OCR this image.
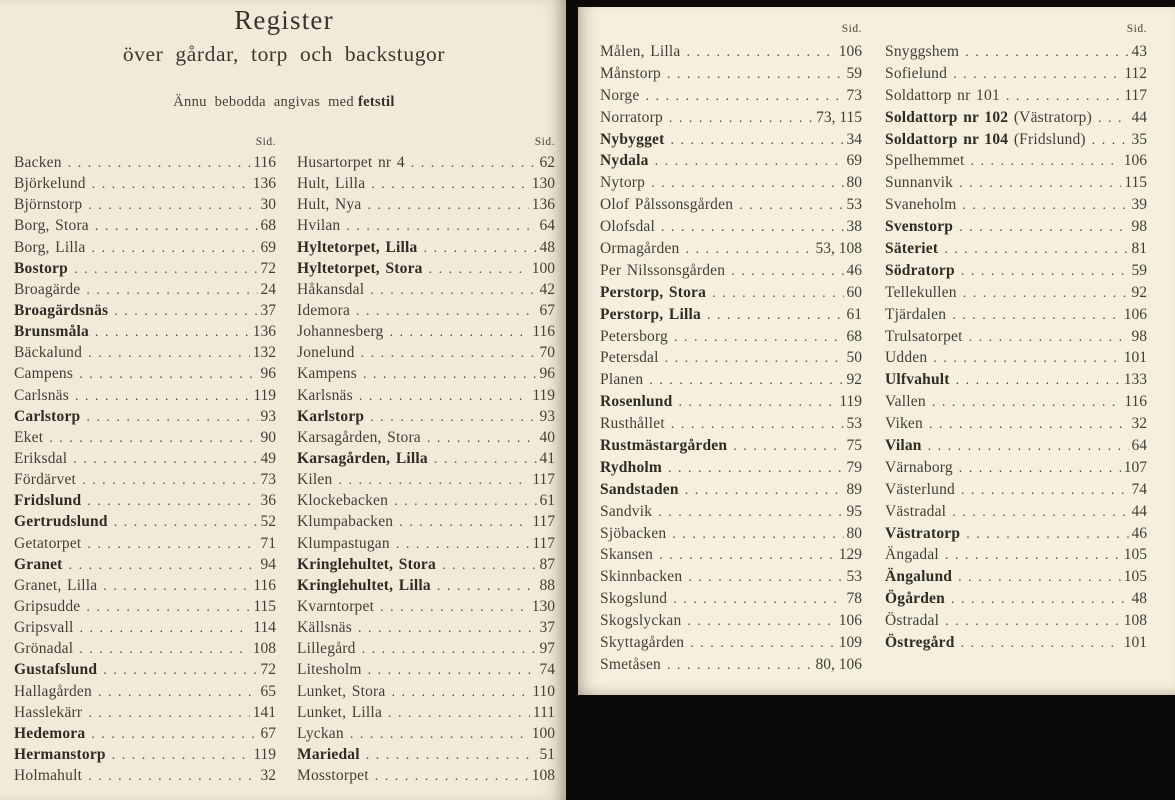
Register
över gårdar, torp och backstugor
Ännu bebodda angivas med fetstil
Sid.	Sid.
Backen . . .	116
Björkelund . . .	136
Björnstorp . . .	30
Borg, Stora . . .	68
Borg, Lilla . . .	69
Bostorp . . .	72
Broagärde . . .	24
Broagärdsnäs . . .	37
Brunsmåla . . .	136
Bäckalund . . .	132
Campens . . .	96
Carlsnäs . . .	119
Carlstorp . . .	93
Eket . . .	90
Eriksdal . . .	49
Fördärvet . . .	73
Fridslund . . .	36
Gertrudslund . . .	52
Getatorpet . . .	71
Granet . . .	94
Granet, Lilla . . .	116
Gripsudde . . .	115
Gripsvall . . .	114
Grönadal . . .	108
Gustafslund . . .	72
Hallagården . . .	65
Hasslekärr . . .	141
Hedemora . . .	67
Hermanstorp . . .	119
Holmahult . . .	32
Husartorpet nr 4 . . .	62
Hult, Lilla . . .	130
Hult, Nya . . .	136
Hvilan . . .	64
Hyltetorpet, Lilla . . .	48
Hyltetorpet, Stora . . .	100
Håkansdal . . .	42
Idemora . . .	67
Johannesberg . . .	116
Jonelund . . .	70
Kampens . . .	96
Karlsnäs . . .	119
Karlstorp . . .	93
Karsagården, Stora . . .	40
Karsagården, Lilla . . .	41
Kilen . . .	117
Klockebacken . . .	61
Klumpabacken . . .	117
Klumpastugan . . .	117
Kringlehultet, Stora . . .	87
Kringlehultet, Lilla . . .	88
Kvarntorpet . . .	130
Källsnäs . . .	37
Lillegård . . .	97
Litesholm . . .	74
Lunket, Stora . . .	110
Lunket, Lilla . . .	111
Lyckan . . .	100
Mariedal . . .	51
Mosstorpet . . .	108
Sid.	Sid.
Målen, Lilla . . .	106
Månstorp . . .	59
Norge . . .	73
Norratorp . . .	73, 115
Nybygget . . .	34
Nydala . . .	69
Nytorp . . .	80
Olof Pålssonsgården . . .	53
Olofsdal . . .	38
Ormagården . . .	53, 108
Per Nilssonsgården . . .	46
Perstorp, Stora . . .	60
Perstorp, Lilla . . .	61
Petersborg . . .	68
Petersdal . . .	50
Planen . . .	92
Rosenlund . . .	119
Rusthållet . . .	53
Rustmästargården . . .	75
Rydholm . . .	79
Sandstaden . . .	89
Sandvik . . .	95
Sjöbacken . . .	80
Skansen . . .	129
Skinnbacken . . .	53
Skogslund . . .	78
Skogslyckan . . .	106
Skyttagården . . .	109
Smetåsen . . .	80, 106
Snyggshem . . .	43
Sofielund . . .	112
Soldattorp nr 101 . . .	117
Soldattorp nr 102 (Västratorp) . . .	44
Soldattorp nr 104 (Fridslund) . . .	35
Spelhemmet . . .	106
Sunnanvik . . .	115
Svaneholm . . .	39
Svenstorp . . .	98
Säteriet . . .	81
Södratorp . . .	59
Tellekullen . . .	92
Tjärdalen . . .	106
Trulsatorpet . . .	98
Udden . . .	101
Ulfvahult . . .	133
Vallen . . .	116
Viken . . .	32
Vilan . . .	64
Värnaborg . . .	107
Västerlund . . .	74
Västradal . . .	44
Västratorp . . .	46
Ängadal . . .	105
Ängalund . . .	105
Ögården . . .	48
Östradal . . .	108
Östregård . . .	101
